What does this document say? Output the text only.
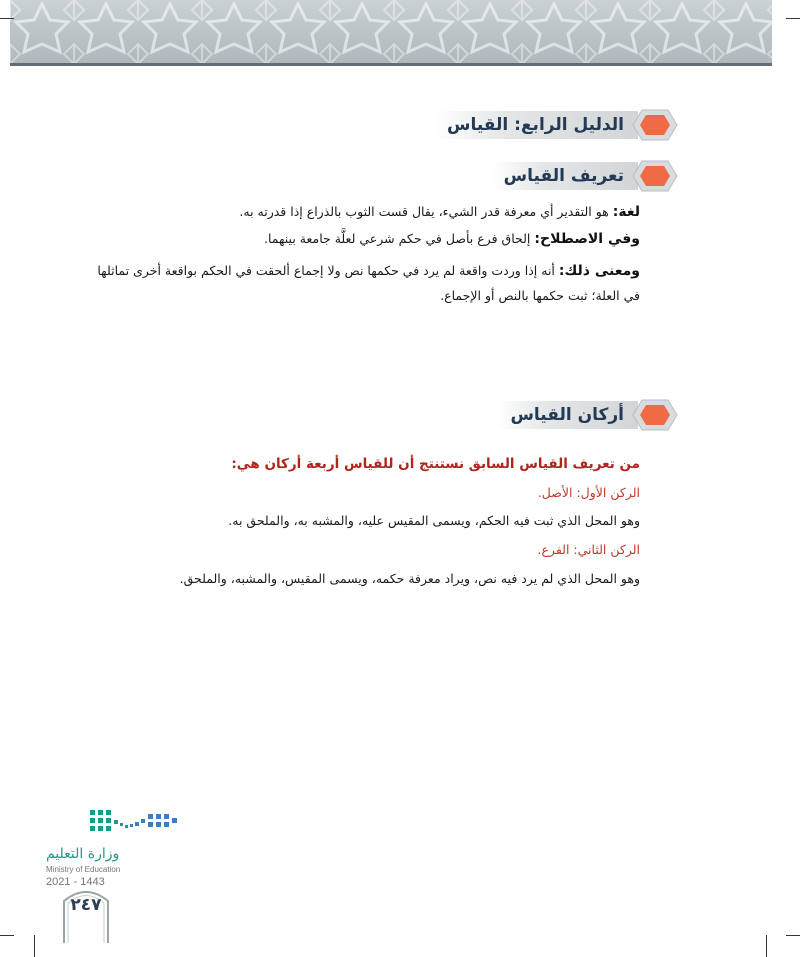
الدليل الرابع: القياس
تعريف القياس
لغة: هو التقدير أي معرفة قدر الشيء، يقال قست الثوب بالذراع إذا قدرته به.
وفي الاصطلاح: إلحاق فرع بأصل في حكم شرعي لعلَّة جامعة بينهما.
ومعنى ذلك: أنه إذا وردت واقعة لم يرد في حكمها نص ولا إجماع ألحقت في الحكم بواقعة أخرى تماثلها
في العلة؛ ثبت حكمها بالنص أو الإجماع.
أركان القياس
من تعريف القياس السابق نستنتج أن للقياس أربعة أركان هي:
الركن الأول: الأصل.
وهو المحل الذي ثبت فيه الحكم، ويسمى المقيس عليه، والمشبه به، والملحق به.
الركن الثاني: الفرع.
وهو المحل الذي لم يرد فيه نص، ويراد معرفة حكمه، ويسمى المقيس، والمشبه، والملحق.
وزارة التعليم
Ministry of Education
2021 - 1443
٢٤٧
